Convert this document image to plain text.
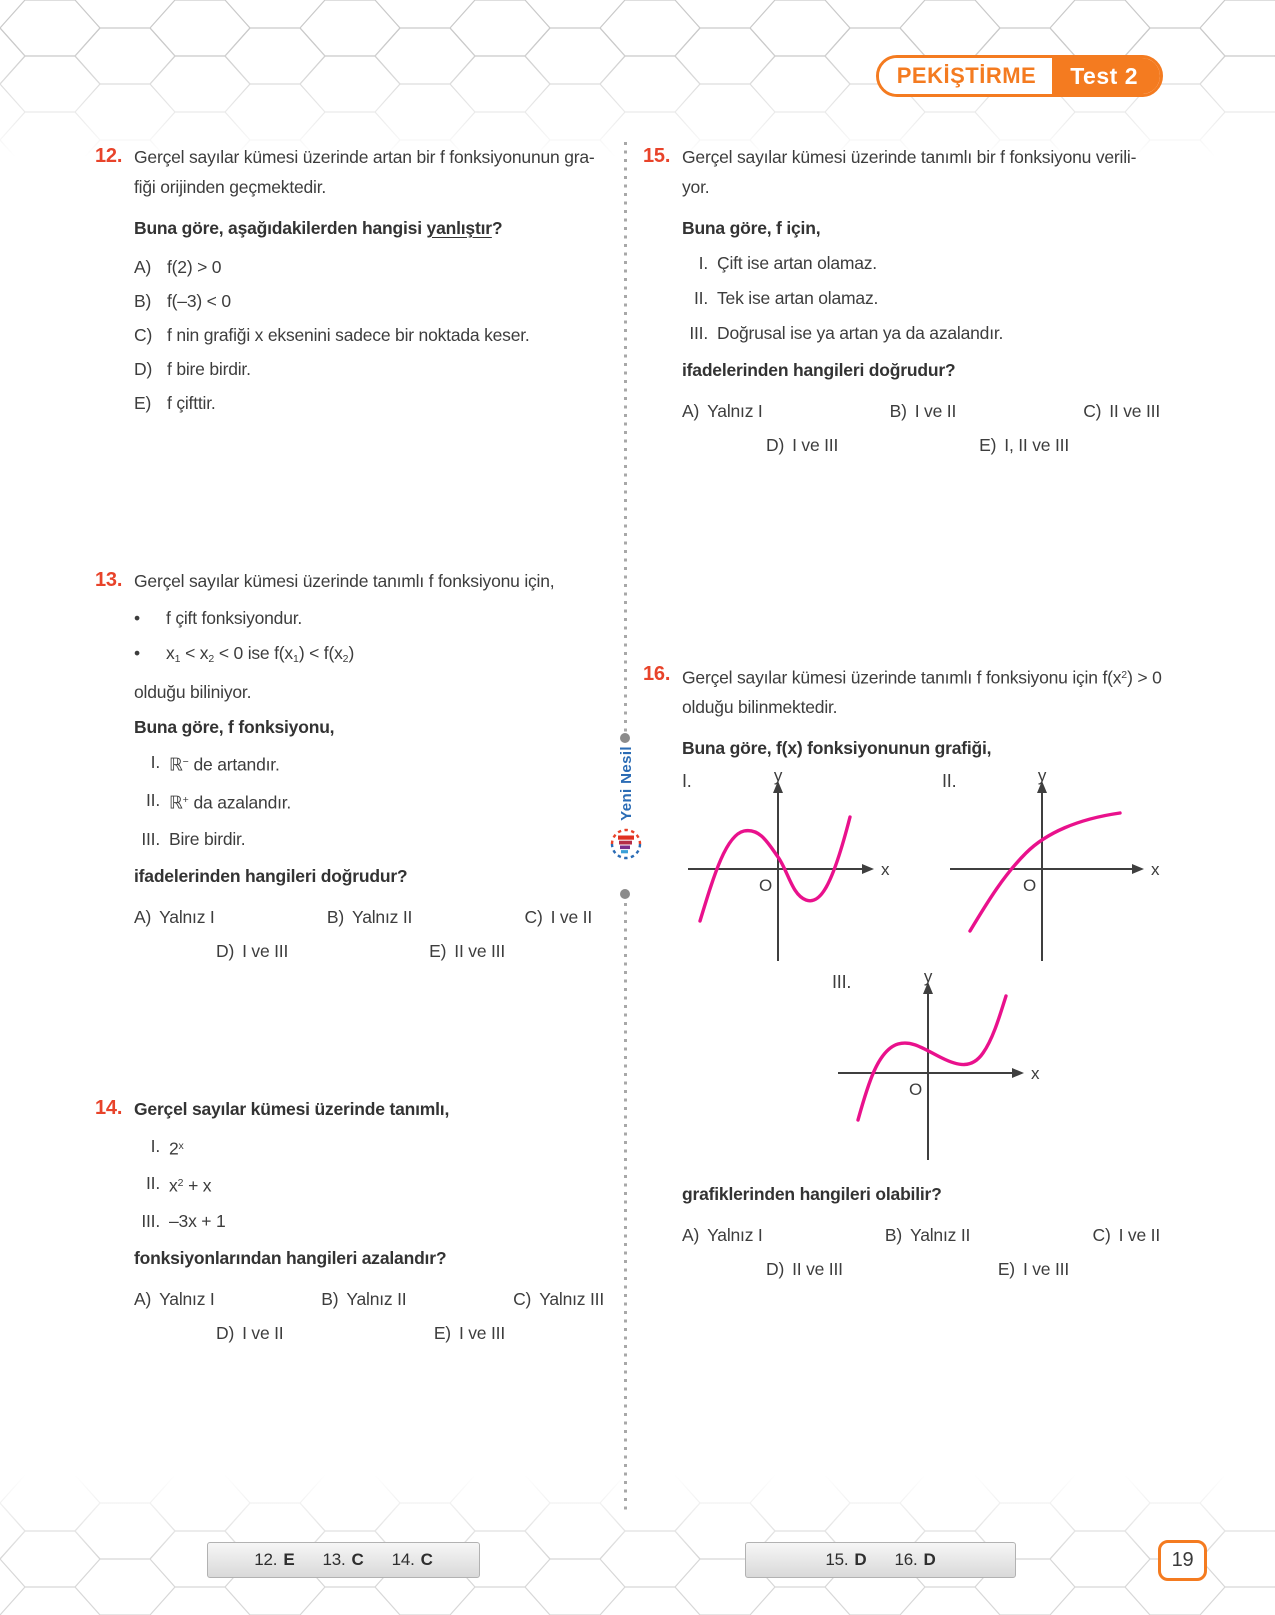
PEKİŞTİRME	Test 2
Yeni Nesil
12. Gerçel sayılar kümesi üzerinde artan bir f fonksiyonunun gra-
fiği orijinden geçmektedir.
Buna göre, aşağıdakilerden hangisi yanlıştır?
A) f(2) > 0
B) f(–3) < 0
C) f nin grafiği x eksenini sadece bir noktada keser.
D) f bire birdir.
E) f çifttir.
13. Gerçel sayılar kümesi üzerinde tanımlı f fonksiyonu için,
•	f çift fonksiyondur.
•	$x_1 < x_2 < 0$ ise $f(x_1) < f(x_2)$
olduğu biliniyor.
Buna göre, f fonksiyonu,
I. ℝ− de artandır.
II. ℝ+ da azalandır.
III. Bire birdir.
ifadelerinden hangileri doğrudur?
A) Yalnız I	B) Yalnız II	C) I ve II
D) I ve III	E) II ve III
14. Gerçel sayılar kümesi üzerinde tanımlı,
I. 2$^x$
II. $x^2 + x$
III. –3x + 1
fonksiyonlarından hangileri azalandır?
A) Yalnız I	B) Yalnız II	C) Yalnız III
D) I ve II	E) I ve III
15. Gerçel sayılar kümesi üzerinde tanımlı bir f fonksiyonu verili-
yor.
Buna göre, f için,
I. Çift ise artan olamaz.
II. Tek ise artan olamaz.
III. Doğrusal ise ya artan ya da azalandır.
ifadelerinden hangileri doğrudur?
A) Yalnız I	B) I ve II	C) II ve III
D) I ve III	E) I, II ve III
16. Gerçel sayılar kümesi üzerinde tanımlı f fonksiyonu için $f(x^2) > 0$
olduğu bilinmektedir.
Buna göre, f(x) fonksiyonunun grafiği,
I.	y
x
O
II.	y
x
O
III.	y
x
O
grafiklerinden hangileri olabilir?
A) Yalnız I	B) Yalnız II	C) I ve II
D) II ve III	E) I ve III
12. E 13. C 14. C	15. D 16. D	19
